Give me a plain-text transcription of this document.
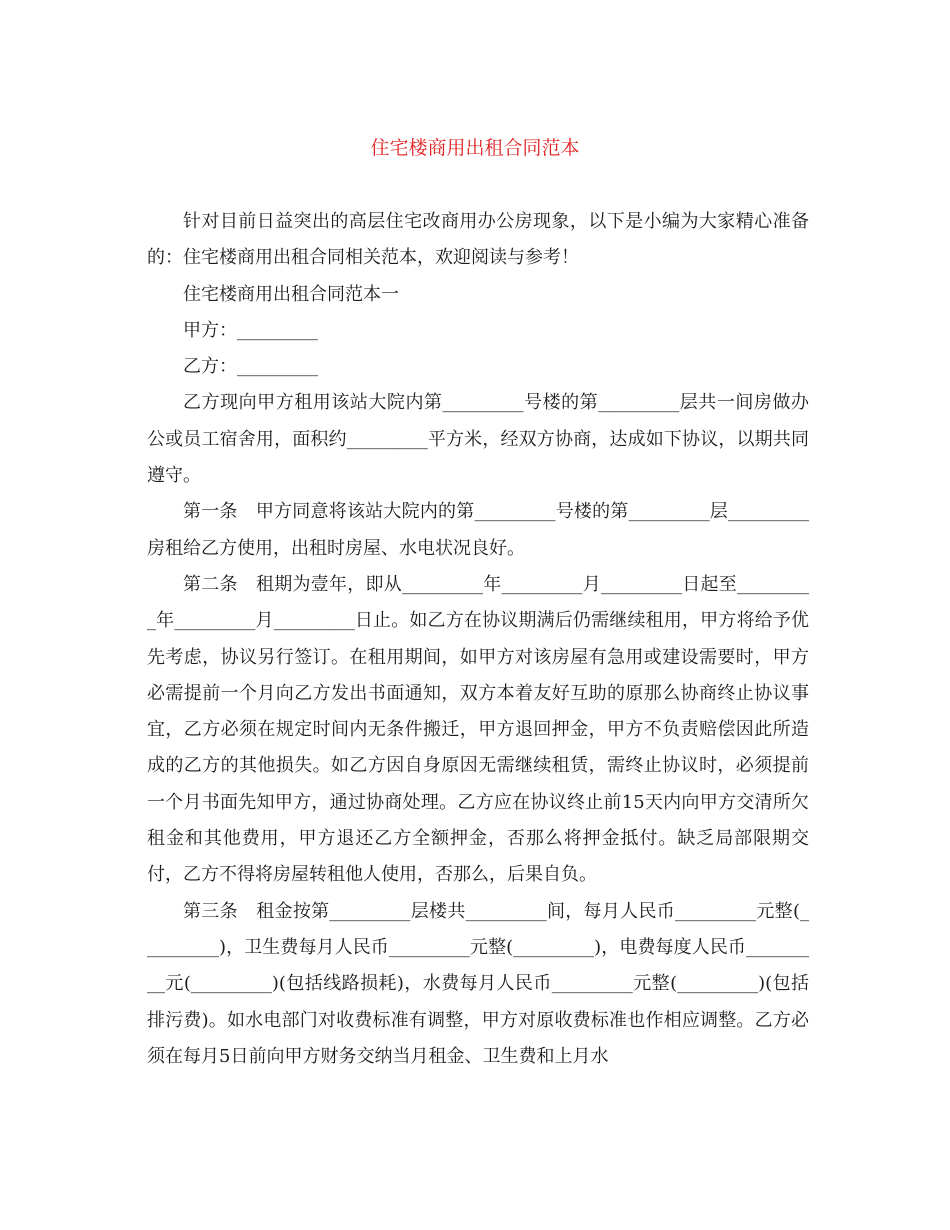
住宅楼商用出租合同范本

针对目前日益突出的高层住宅改商用办公房现象，以下是小编为大家精心准备的：住宅楼商用出租合同相关范本，欢迎阅读与参考！

住宅楼商用出租合同范本一

甲方：_________

乙方：_________

乙方现向甲方租用该站大院内第_________号楼的第_________层共一间房做办公或员工宿舍用，面积约_________平方米，经双方协商，达成如下协议，以期共同遵守。

第一条　甲方同意将该站大院内的第_________号楼的第_________层_________房租给乙方使用，出租时房屋、水电状况良好。

第二条　租期为壹年，即从_________年_________月_________日起至_________年_________月_________日止。如乙方在协议期满后仍需继续租用，甲方将给予优先考虑，协议另行签订。在租用期间，如甲方对该房屋有急用或建设需要时，甲方必需提前一个月向乙方发出书面通知，双方本着友好互助的原那么协商终止协议事宜，乙方必须在规定时间内无条件搬迁，甲方退回押金，甲方不负责赔偿因此所造成的乙方的其他损失。如乙方因自身原因无需继续租赁，需终止协议时，必须提前一个月书面先知甲方，通过协商处理。乙方应在协议终止前15天内向甲方交清所欠租金和其他费用，甲方退还乙方全额押金，否那么将押金抵付。缺乏局部限期交付，乙方不得将房屋转租他人使用，否那么，后果自负。

第三条　租金按第_________层楼共_________间，每月人民币_________元整(_________)，卫生费每月人民币_________元整(_________)，电费每度人民币_________元(_________)(包括线路损耗)，水费每月人民币_________元整(_________)(包括排污费)。如水电部门对收费标准有调整，甲方对原收费标准也作相应调整。乙方必须在每月5日前向甲方财务交纳当月租金、卫生费和上月水
